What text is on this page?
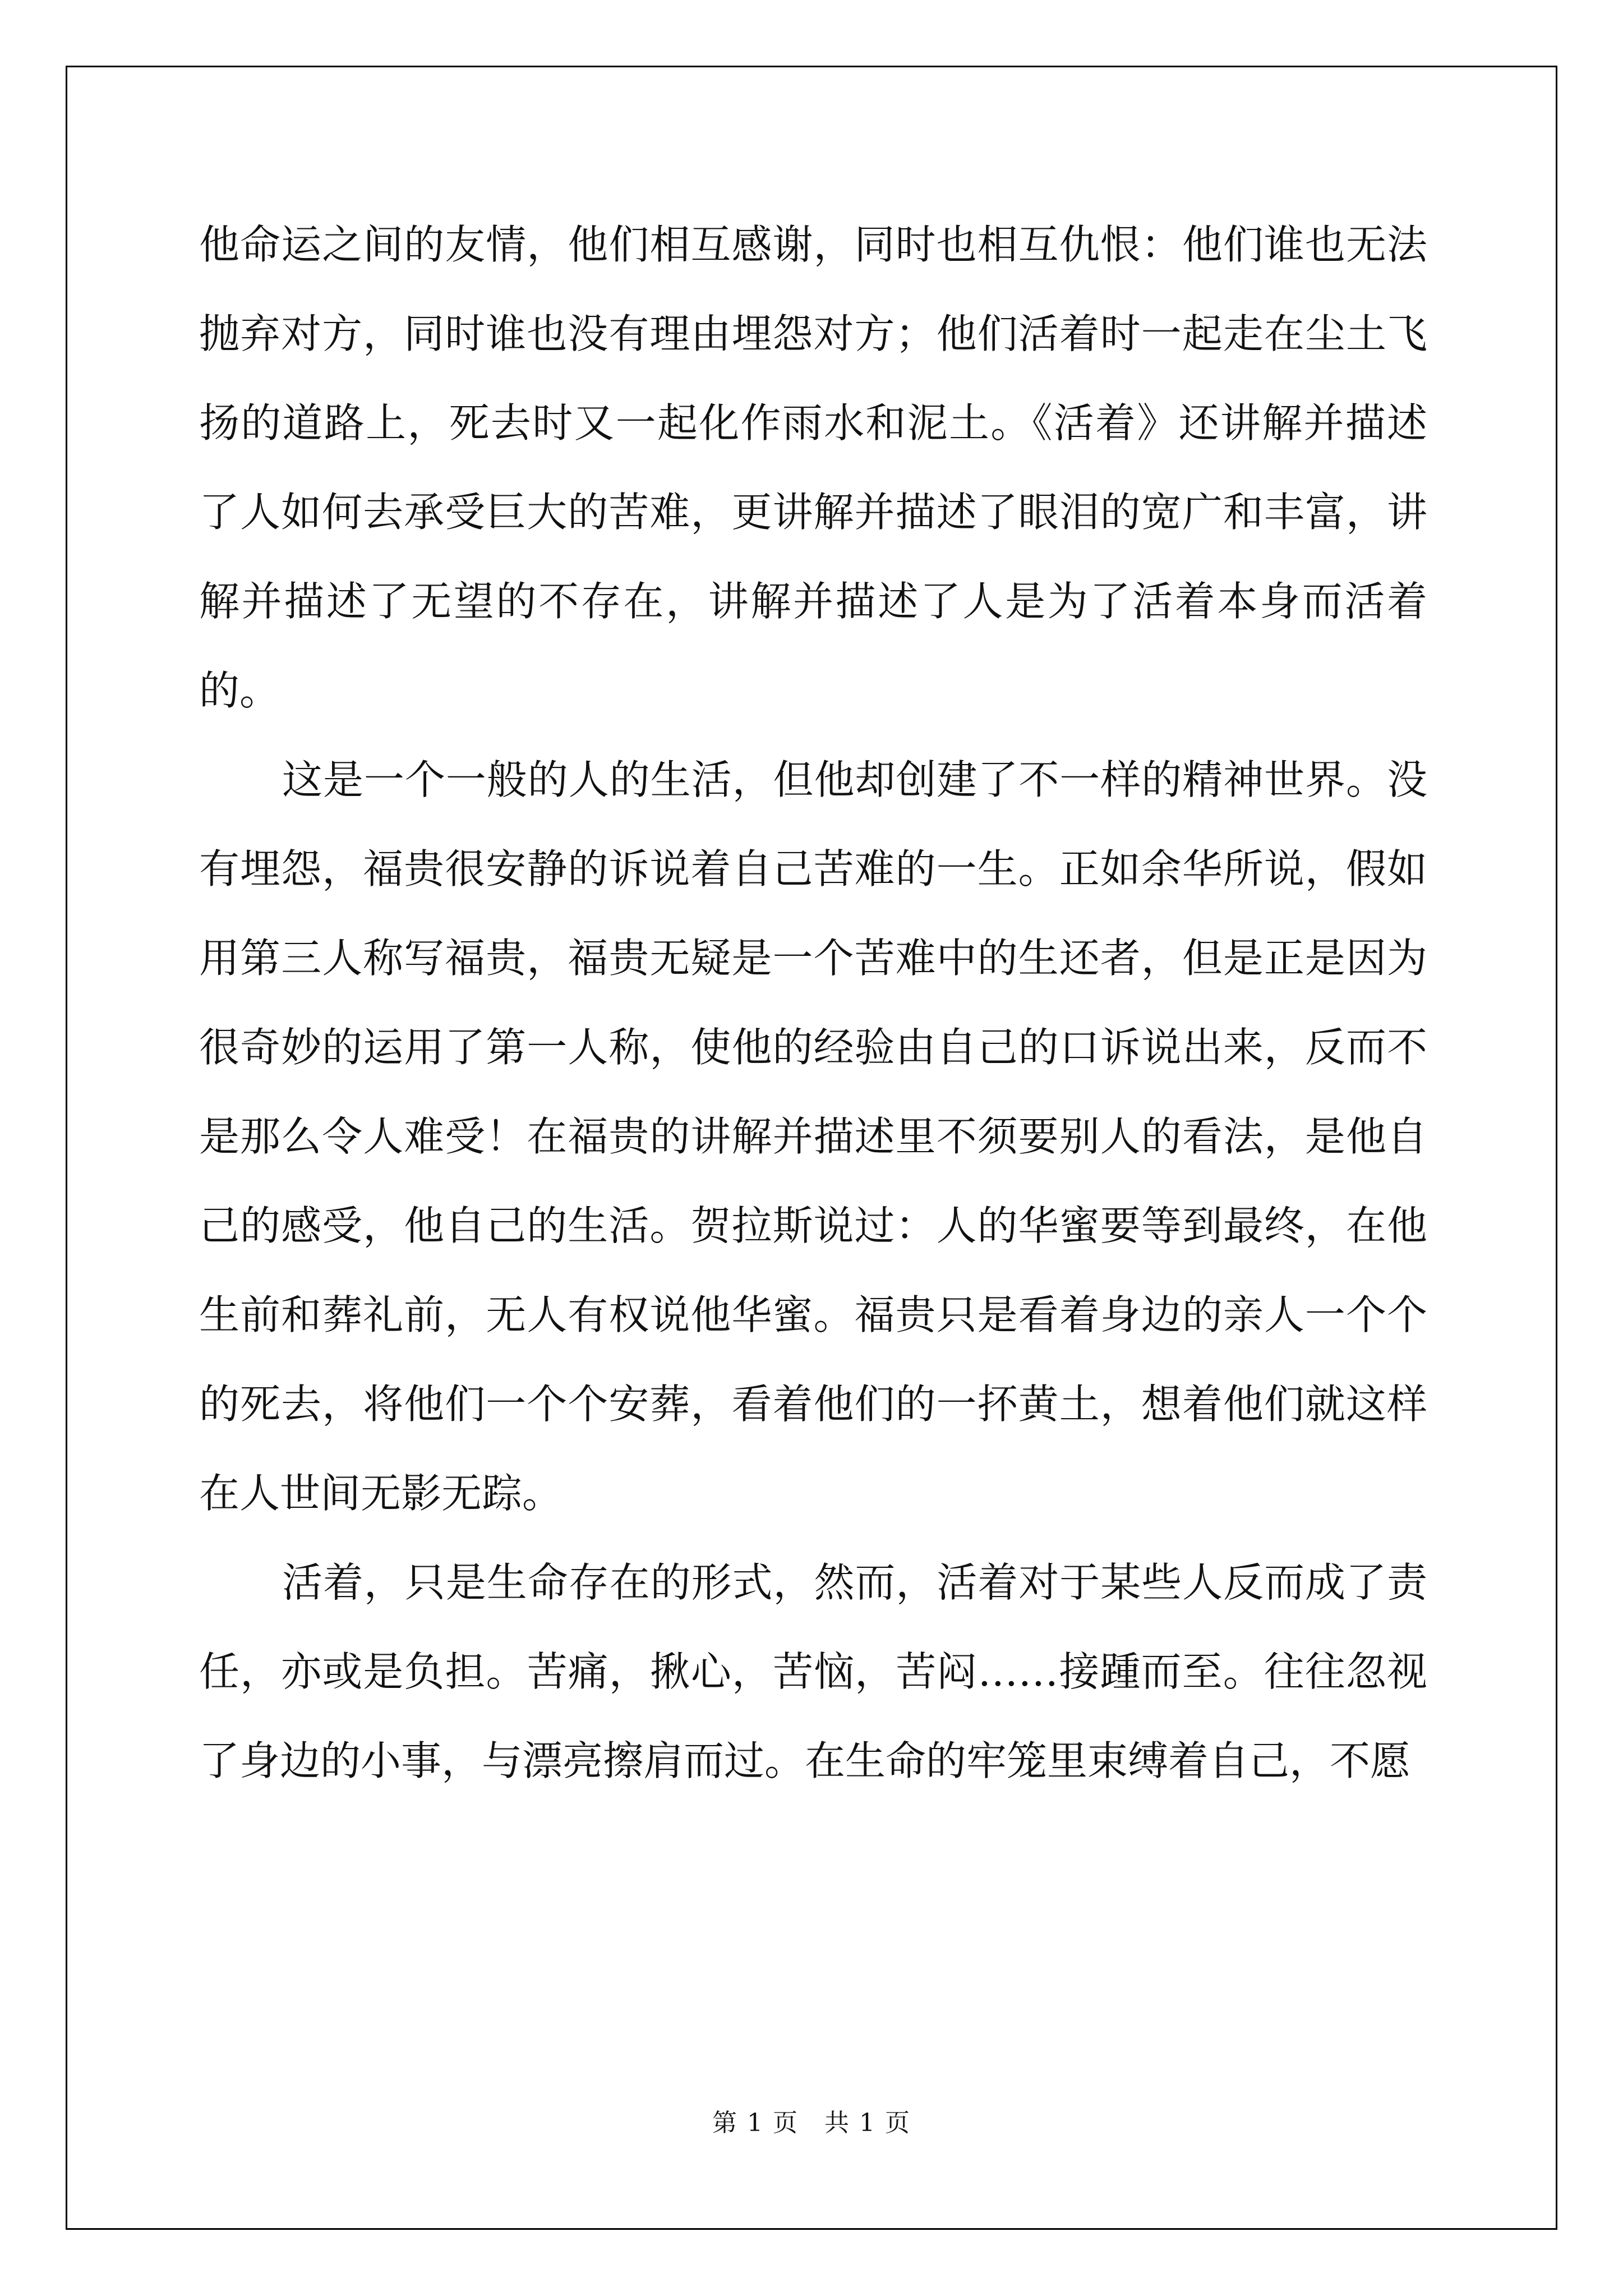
他命运之间的友情，他们相互感谢，同时也相互仇恨：他们谁也无法抛弃对方，同时谁也没有理由埋怨对方；他们活着时一起走在尘土飞扬的道路上，死去时又一起化作雨水和泥土。《活着》还讲解并描述了人如何去承受巨大的苦难，更讲解并描述了眼泪的宽广和丰富，讲解并描述了无望的不存在，讲解并描述了人是为了活着本身而活着的。

这是一个一般的人的生活，但他却创建了不一样的精神世界。没有埋怨，福贵很安静的诉说着自己苦难的一生。正如余华所说，假如用第三人称写福贵，福贵无疑是一个苦难中的生还者，但是正是因为很奇妙的运用了第一人称，使他的经验由自己的口诉说出来，反而不是那么令人难受！在福贵的讲解并描述里不须要别人的看法，是他自己的感受，他自己的生活。贺拉斯说过：人的华蜜要等到最终，在他生前和葬礼前，无人有权说他华蜜。福贵只是看着身边的亲人一个个的死去，将他们一个个安葬，看着他们的一抔黄土，想着他们就这样在人世间无影无踪。

活着，只是生命存在的形式，然而，活着对于某些人反而成了责任，亦或是负担。苦痛，揪心，苦恼，苦闷……接踵而至。往往忽视了身边的小事，与漂亮擦肩而过。在生命的牢笼里束缚着自己，不愿

第 1 页　共 1 页
